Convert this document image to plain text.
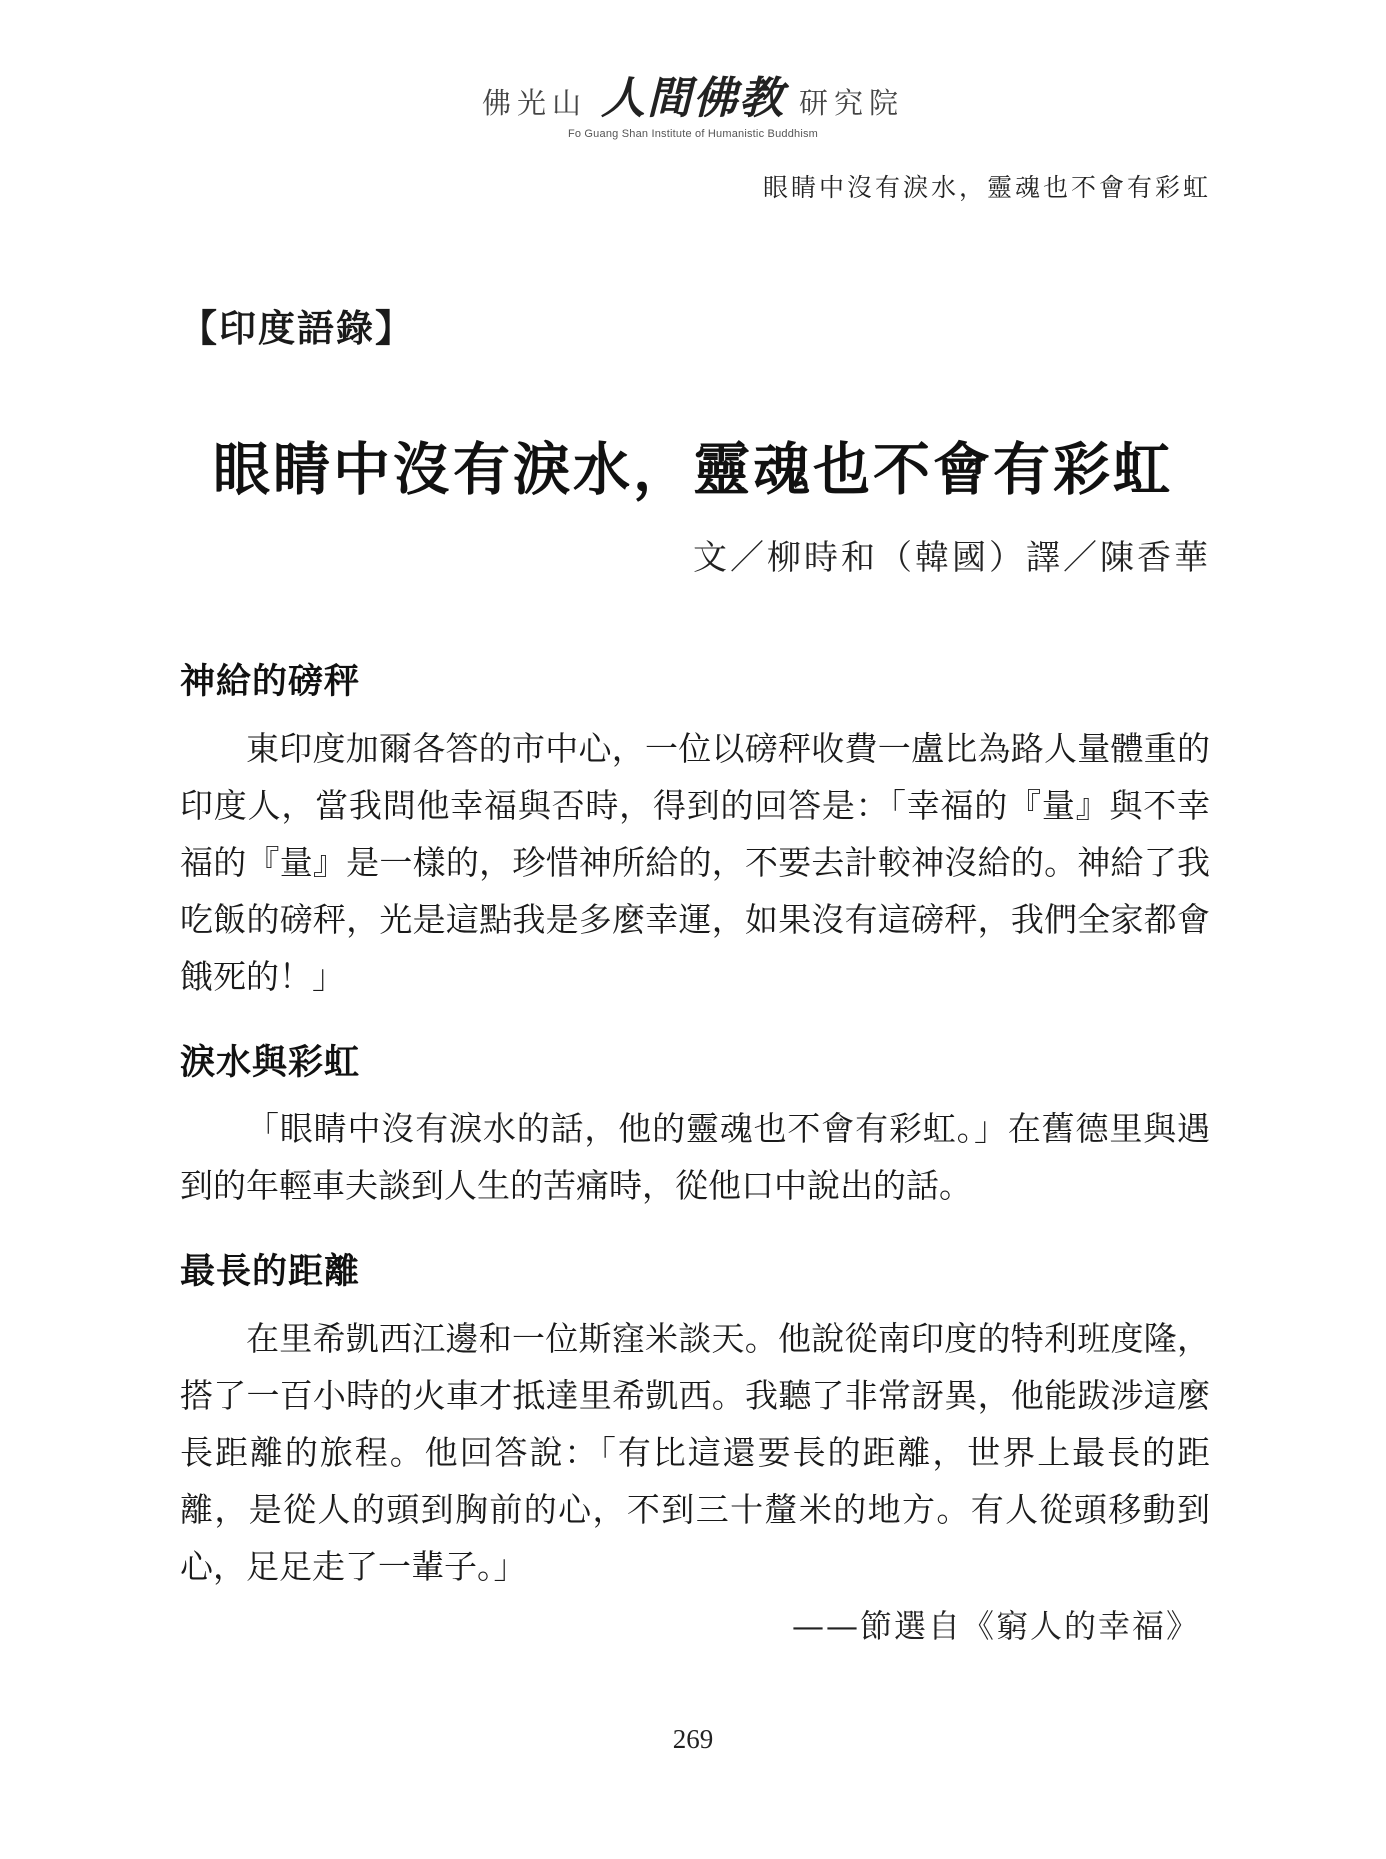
佛光山 人間佛教 研究院
Fo Guang Shan Institute of Humanistic Buddhism
眼睛中沒有淚水，靈魂也不會有彩虹
【印度語錄】
眼睛中沒有淚水，靈魂也不會有彩虹
文／柳時和（韓國）譯／陳香華
神給的磅秤

東印度加爾各答的市中心，一位以磅秤收費一盧比為路人量體重的印度人，當我問他幸福與否時，得到的回答是：「幸福的『量』與不幸福的『量』是一樣的，珍惜神所給的，不要去計較神沒給的。神給了我吃飯的磅秤，光是這點我是多麼幸運，如果沒有這磅秤，我們全家都會餓死的！」

淚水與彩虹

「眼睛中沒有淚水的話，他的靈魂也不會有彩虹。」在舊德里與遇到的年輕車夫談到人生的苦痛時，從他口中說出的話。

最長的距離

在里希凱西江邊和一位斯窪米談天。他說從南印度的特利班度隆，搭了一百小時的火車才抵達里希凱西。我聽了非常訝異，他能跋涉這麼長距離的旅程。他回答說：「有比這還要長的距離，世界上最長的距離，是從人的頭到胸前的心，不到三十釐米的地方。有人從頭移動到心，足足走了一輩子。」

——節選自《窮人的幸福》
269
